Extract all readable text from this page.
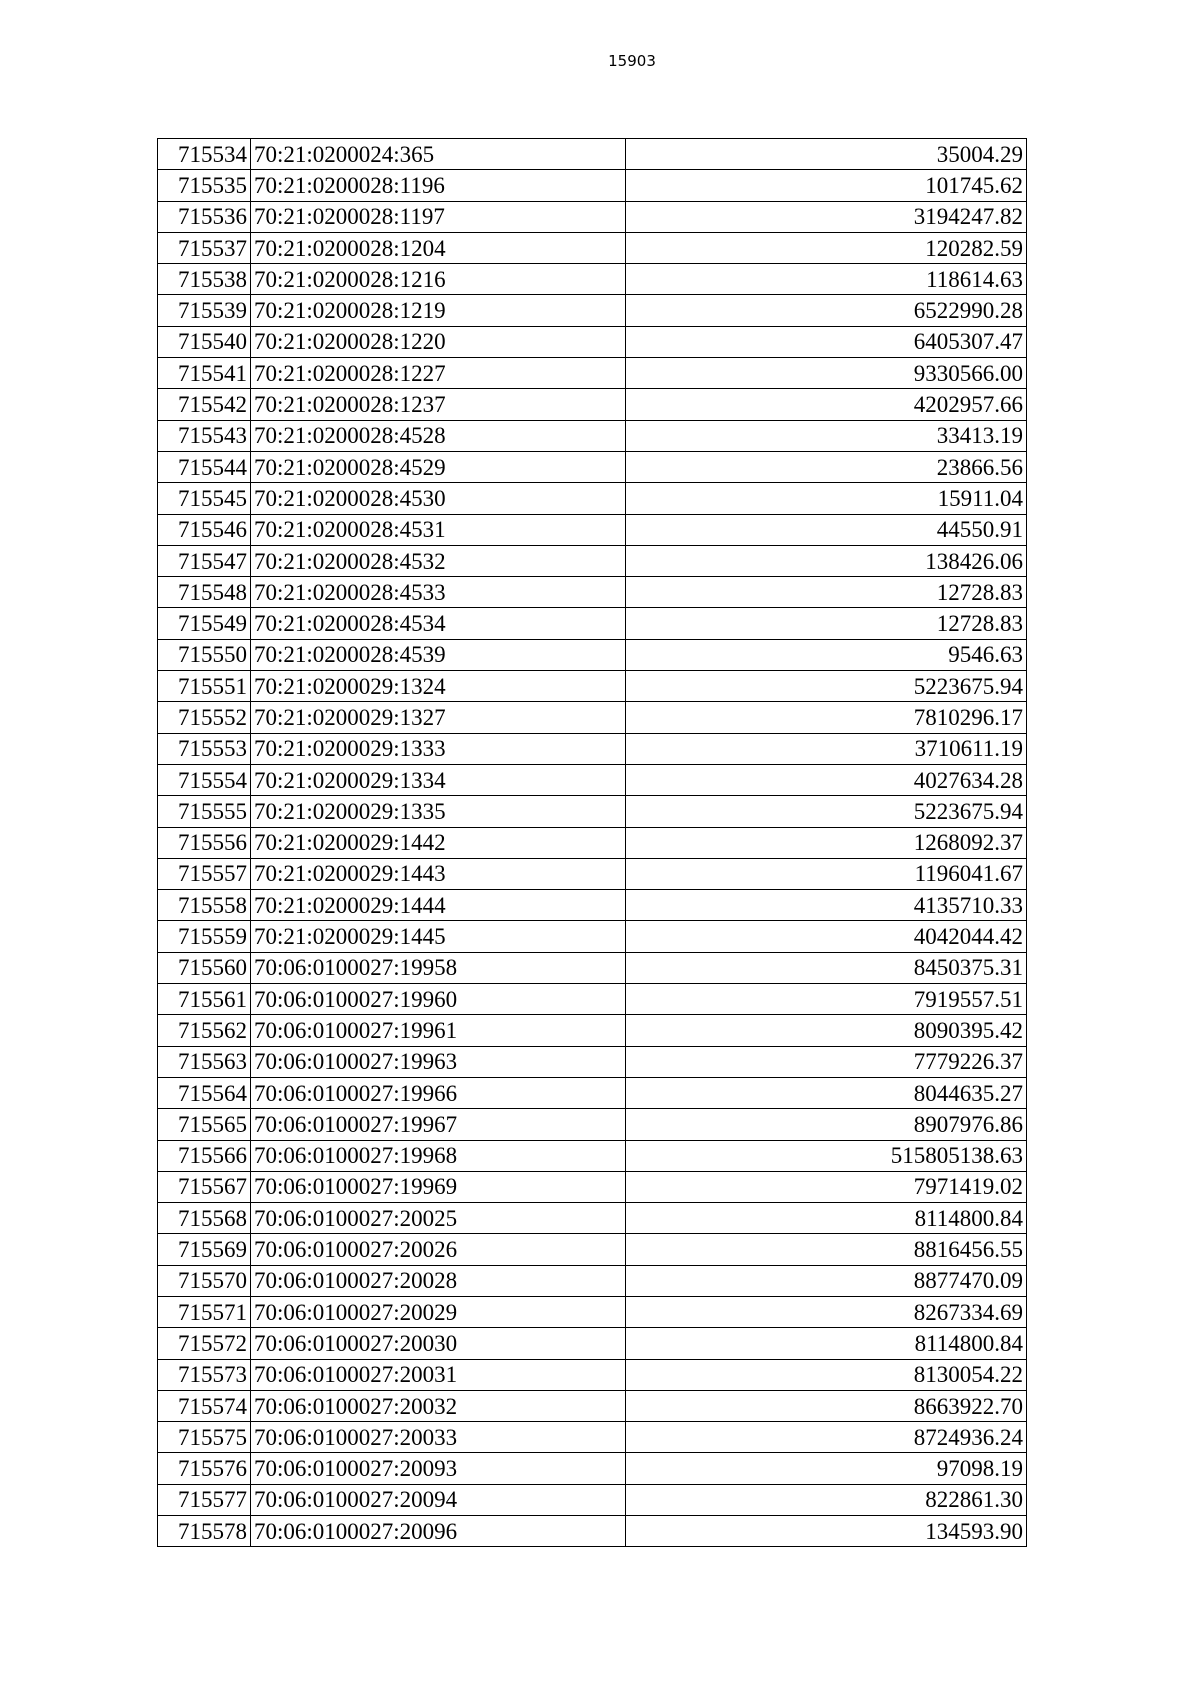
15903
715534	70:21:0200024:365	35004.29
715535	70:21:0200028:1196	101745.62
715536	70:21:0200028:1197	3194247.82
715537	70:21:0200028:1204	120282.59
715538	70:21:0200028:1216	118614.63
715539	70:21:0200028:1219	6522990.28
715540	70:21:0200028:1220	6405307.47
715541	70:21:0200028:1227	9330566.00
715542	70:21:0200028:1237	4202957.66
715543	70:21:0200028:4528	33413.19
715544	70:21:0200028:4529	23866.56
715545	70:21:0200028:4530	15911.04
715546	70:21:0200028:4531	44550.91
715547	70:21:0200028:4532	138426.06
715548	70:21:0200028:4533	12728.83
715549	70:21:0200028:4534	12728.83
715550	70:21:0200028:4539	9546.63
715551	70:21:0200029:1324	5223675.94
715552	70:21:0200029:1327	7810296.17
715553	70:21:0200029:1333	3710611.19
715554	70:21:0200029:1334	4027634.28
715555	70:21:0200029:1335	5223675.94
715556	70:21:0200029:1442	1268092.37
715557	70:21:0200029:1443	1196041.67
715558	70:21:0200029:1444	4135710.33
715559	70:21:0200029:1445	4042044.42
715560	70:06:0100027:19958	8450375.31
715561	70:06:0100027:19960	7919557.51
715562	70:06:0100027:19961	8090395.42
715563	70:06:0100027:19963	7779226.37
715564	70:06:0100027:19966	8044635.27
715565	70:06:0100027:19967	8907976.86
715566	70:06:0100027:19968	515805138.63
715567	70:06:0100027:19969	7971419.02
715568	70:06:0100027:20025	8114800.84
715569	70:06:0100027:20026	8816456.55
715570	70:06:0100027:20028	8877470.09
715571	70:06:0100027:20029	8267334.69
715572	70:06:0100027:20030	8114800.84
715573	70:06:0100027:20031	8130054.22
715574	70:06:0100027:20032	8663922.70
715575	70:06:0100027:20033	8724936.24
715576	70:06:0100027:20093	97098.19
715577	70:06:0100027:20094	822861.30
715578	70:06:0100027:20096	134593.90
